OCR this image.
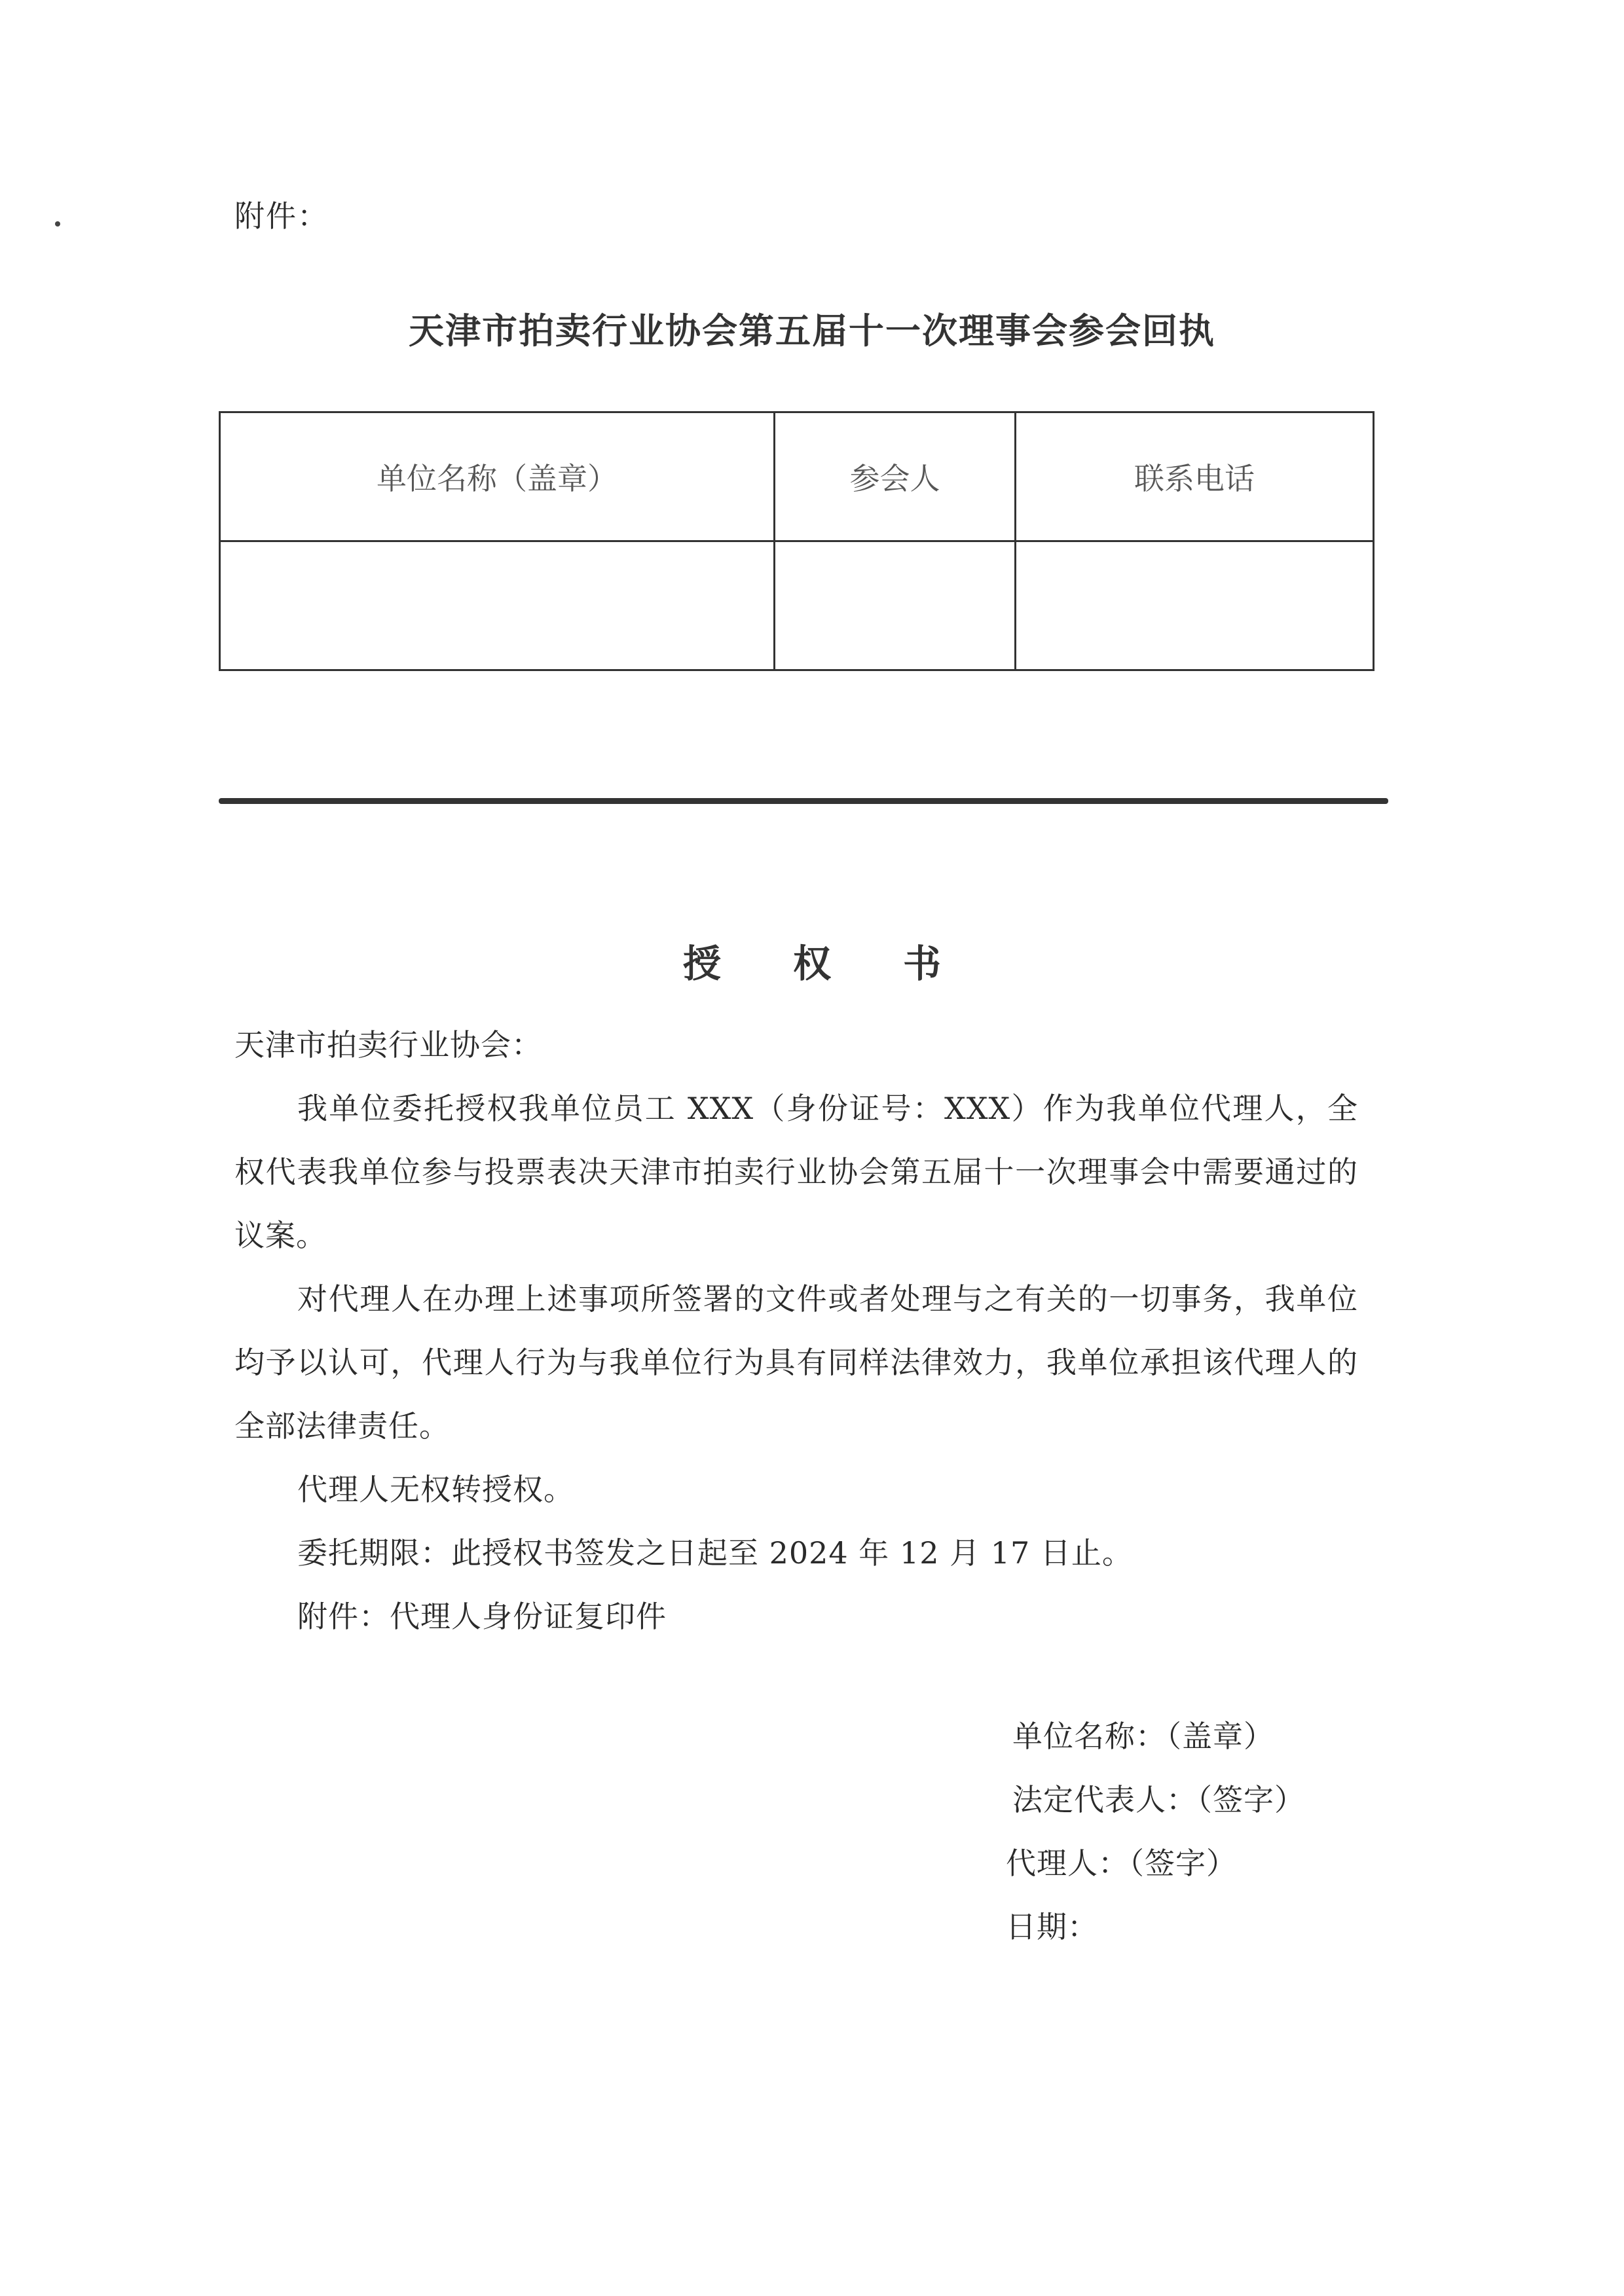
附件：
天津市拍卖行业协会第五届十一次理事会参会回执
单位名称（盖章）	参会人	联系电话

授 权 书

天津市拍卖行业协会：

我单位委托授权我单位员工 XXX（身份证号：XXX）作为我单位代理人，全权代表我单位参与投票表决天津市拍卖行业协会第五届十一次理事会中需要通过的议案。

对代理人在办理上述事项所签署的文件或者处理与之有关的一切事务，我单位均予以认可，代理人行为与我单位行为具有同样法律效力，我单位承担该代理人的全部法律责任。

代理人无权转授权。

委托期限：此授权书签发之日起至 2024 年 12 月 17 日止。

附件：代理人身份证复印件

单位名称：（盖章）
法定代表人：（签字）
代理人：（签字）
日期：
